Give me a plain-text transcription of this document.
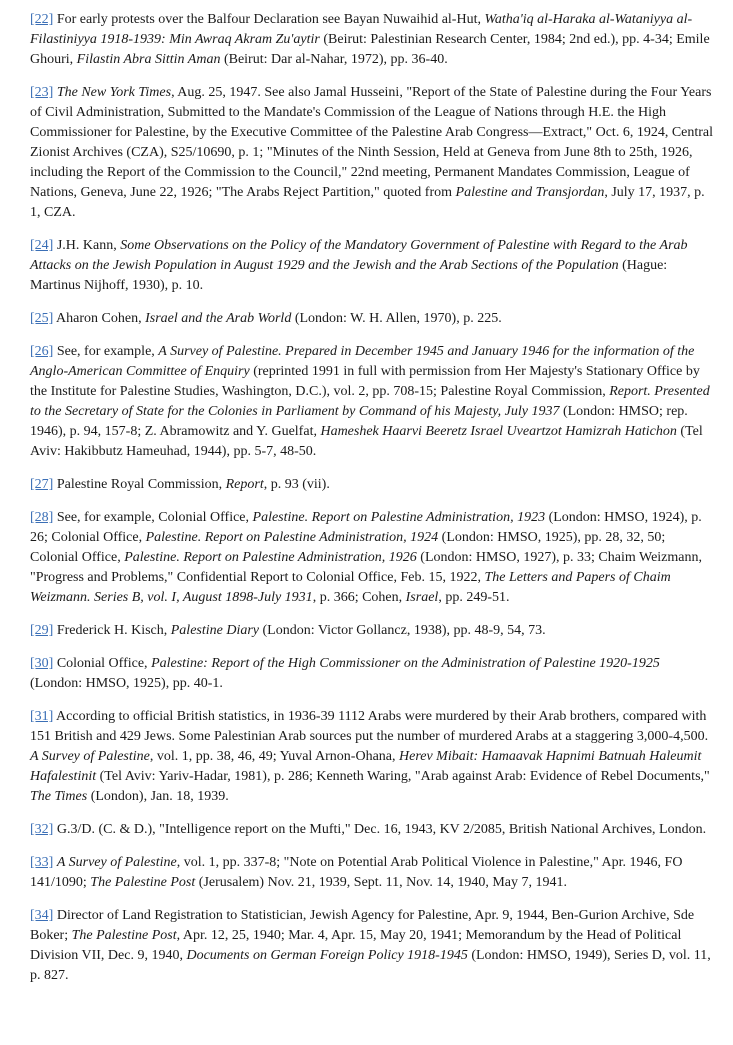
[22] For early protests over the Balfour Declaration see Bayan Nuwaihid al-Hut, Watha'iq al-Haraka al-Wataniyya al-Filastiniyya 1918-1939: Min Awraq Akram Zu'aytir (Beirut: Palestinian Research Center, 1984; 2nd ed.), pp. 4-34; Emile Ghouri, Filastin Abra Sittin Aman (Beirut: Dar al-Nahar, 1972), pp. 36-40.

[23] The New York Times, Aug. 25, 1947. See also Jamal Husseini, "Report of the State of Palestine during the Four Years of Civil Administration, Submitted to the Mandate's Commission of the League of Nations through H.E. the High Commissioner for Palestine, by the Executive Committee of the Palestine Arab Congress—Extract," Oct. 6, 1924, Central Zionist Archives (CZA), S25/10690, p. 1; "Minutes of the Ninth Session, Held at Geneva from June 8th to 25th, 1926, including the Report of the Commission to the Council," 22nd meeting, Permanent Mandates Commission, League of Nations, Geneva, June 22, 1926; "The Arabs Reject Partition," quoted from Palestine and Transjordan, July 17, 1937, p. 1, CZA.

[24] J.H. Kann, Some Observations on the Policy of the Mandatory Government of Palestine with Regard to the Arab Attacks on the Jewish Population in August 1929 and the Jewish and the Arab Sections of the Population (Hague: Martinus Nijhoff, 1930), p. 10.

[25] Aharon Cohen, Israel and the Arab World (London: W. H. Allen, 1970), p. 225.

[26] See, for example, A Survey of Palestine. Prepared in December 1945 and January 1946 for the information of the Anglo-American Committee of Enquiry (reprinted 1991 in full with permission from Her Majesty's Stationary Office by the Institute for Palestine Studies, Washington, D.C.), vol. 2, pp. 708-15; Palestine Royal Commission, Report. Presented to the Secretary of State for the Colonies in Parliament by Command of his Majesty, July 1937 (London: HMSO; rep. 1946), p. 94, 157-8; Z. Abramowitz and Y. Guelfat, Hameshek Haarvi Beeretz Israel Uveartzot Hamizrah Hatichon (Tel Aviv: Hakibbutz Hameuhad, 1944), pp. 5-7, 48-50.

[27] Palestine Royal Commission, Report, p. 93 (vii).

[28] See, for example, Colonial Office, Palestine. Report on Palestine Administration, 1923 (London: HMSO, 1924), p. 26; Colonial Office, Palestine. Report on Palestine Administration, 1924 (London: HMSO, 1925), pp. 28, 32, 50; Colonial Office, Palestine. Report on Palestine Administration, 1926 (London: HMSO, 1927), p. 33; Chaim Weizmann, "Progress and Problems," Confidential Report to Colonial Office, Feb. 15, 1922, The Letters and Papers of Chaim Weizmann. Series B, vol. I, August 1898-July 1931, p. 366; Cohen, Israel, pp. 249-51.

[29] Frederick H. Kisch, Palestine Diary (London: Victor Gollancz, 1938), pp. 48-9, 54, 73.

[30] Colonial Office, Palestine: Report of the High Commissioner on the Administration of Palestine 1920-1925 (London: HMSO, 1925), pp. 40-1.

[31] According to official British statistics, in 1936-39 1112 Arabs were murdered by their Arab brothers, compared with 151 British and 429 Jews. Some Palestinian Arab sources put the number of murdered Arabs at a staggering 3,000-4,500. A Survey of Palestine, vol. 1, pp. 38, 46, 49; Yuval Arnon-Ohana, Herev Mibait: Hamaavak Hapnimi Batnuah Haleumit Hafalestinit (Tel Aviv: Yariv-Hadar, 1981), p. 286; Kenneth Waring, "Arab against Arab: Evidence of Rebel Documents," The Times (London), Jan. 18, 1939.

[32] G.3/D. (C. & D.), "Intelligence report on the Mufti," Dec. 16, 1943, KV 2/2085, British National Archives, London.

[33] A Survey of Palestine, vol. 1, pp. 337-8; "Note on Potential Arab Political Violence in Palestine," Apr. 1946, FO 141/1090; The Palestine Post (Jerusalem) Nov. 21, 1939, Sept. 11, Nov. 14, 1940, May 7, 1941.

[34] Director of Land Registration to Statistician, Jewish Agency for Palestine, Apr. 9, 1944, Ben-Gurion Archive, Sde Boker; The Palestine Post, Apr. 12, 25, 1940; Mar. 4, Apr. 15, May 20, 1941; Memorandum by the Head of Political Division VII, Dec. 9, 1940, Documents on German Foreign Policy 1918-1945 (London: HMSO, 1949), Series D, vol. 11, p. 827.
